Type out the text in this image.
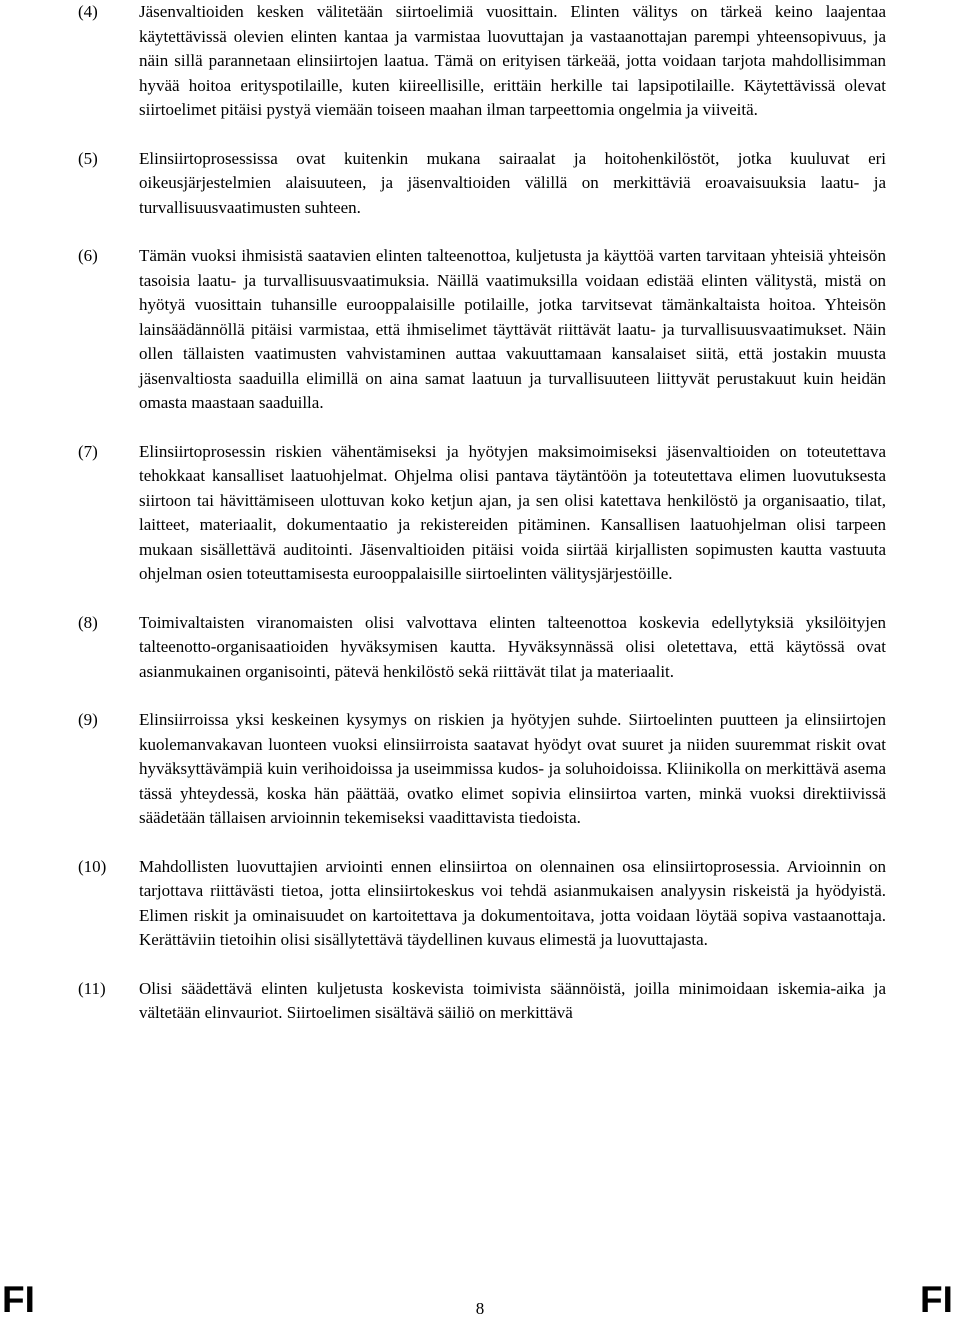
(4)	Jäsenvaltioiden kesken välitetään siirtoelimiä vuosittain. Elinten välitys on tärkeä keino laajentaa käytettävissä olevien elinten kantaa ja varmistaa luovuttajan ja vastaanottajan parempi yhteensopivuus, ja näin sillä parannetaan elinsiirtojen laatua. Tämä on erityisen tärkeää, jotta voidaan tarjota mahdollisimman hyvää hoitoa erityspotilaille, kuten kiireellisille, erittäin herkille tai lapsipotilaille. Käytettävissä olevat siirtoelimet pitäisi pystyä viemään toiseen maahan ilman tarpeettomia ongelmia ja viiveitä.
(5)	Elinsiirtoprosessissa ovat kuitenkin mukana sairaalat ja hoitohenkilöstöt, jotka kuuluvat eri oikeusjärjestelmien alaisuuteen, ja jäsenvaltioiden välillä on merkittäviä eroavaisuuksia laatu- ja turvallisuusvaatimusten suhteen.
(6)	Tämän vuoksi ihmisistä saatavien elinten talteenottoa, kuljetusta ja käyttöä varten tarvitaan yhteisiä yhteisön tasoisia laatu- ja turvallisuusvaatimuksia. Näillä vaatimuksilla voidaan edistää elinten välitystä, mistä on hyötyä vuosittain tuhansille eurooppalaisille potilaille, jotka tarvitsevat tämänkaltaista hoitoa. Yhteisön lainsäädännöllä pitäisi varmistaa, että ihmiselimet täyttävät riittävät laatu- ja turvallisuusvaatimukset. Näin ollen tällaisten vaatimusten vahvistaminen auttaa vakuuttamaan kansalaiset siitä, että jostakin muusta jäsenvaltiosta saaduilla elimillä on aina samat laatuun ja turvallisuuteen liittyvät perustakuut kuin heidän omasta maastaan saaduilla.
(7)	Elinsiirtoprosessin riskien vähentämiseksi ja hyötyjen maksimoimiseksi jäsenvaltioiden on toteutettava tehokkaat kansalliset laatuohjelmat. Ohjelma olisi pantava täytäntöön ja toteutettava elimen luovutuksesta siirtoon tai hävittämiseen ulottuvan koko ketjun ajan, ja sen olisi katettava henkilöstö ja organisaatio, tilat, laitteet, materiaalit, dokumentaatio ja rekistereiden pitäminen. Kansallisen laatuohjelman olisi tarpeen mukaan sisällettävä auditointi. Jäsenvaltioiden pitäisi voida siirtää kirjallisten sopimusten kautta vastuuta ohjelman osien toteuttamisesta eurooppalaisille siirtoelinten välitysjärjestöille.
(8)	Toimivaltaisten viranomaisten olisi valvottava elinten talteenottoa koskevia edellytyksiä yksilöityjen talteenotto-organisaatioiden hyväksymisen kautta. Hyväksynnässä olisi oletettava, että käytössä ovat asianmukainen organisointi, pätevä henkilöstö sekä riittävät tilat ja materiaalit.
(9)	Elinsiirroissa yksi keskeinen kysymys on riskien ja hyötyjen suhde. Siirtoelinten puutteen ja elinsiirtojen kuolemanvakavan luonteen vuoksi elinsiirroista saatavat hyödyt ovat suuret ja niiden suuremmat riskit ovat hyväksyttävämpiä kuin verihoidoissa ja useimmissa kudos- ja soluhoidoissa. Kliinikolla on merkittävä asema tässä yhteydessä, koska hän päättää, ovatko elimet sopivia elinsiirtoa varten, minkä vuoksi direktiivissä säädetään tällaisen arvioinnin tekemiseksi vaadittavista tiedoista.
(10)	Mahdollisten luovuttajien arviointi ennen elinsiirtoa on olennainen osa elinsiirtoprosessia. Arvioinnin on tarjottava riittävästi tietoa, jotta elinsiirtokeskus voi tehdä asianmukaisen analyysin riskeistä ja hyödyistä. Elimen riskit ja ominaisuudet on kartoitettava ja dokumentoitava, jotta voidaan löytää sopiva vastaanottaja. Kerättäviin tietoihin olisi sisällytettävä täydellinen kuvaus elimestä ja luovuttajasta.
(11)	Olisi säädettävä elinten kuljetusta koskevista toimivista säännöistä, joilla minimoidaan iskemia-aika ja vältetään elinvauriot. Siirtoelimen sisältävä säiliö on merkittävä
FI	8	FI
